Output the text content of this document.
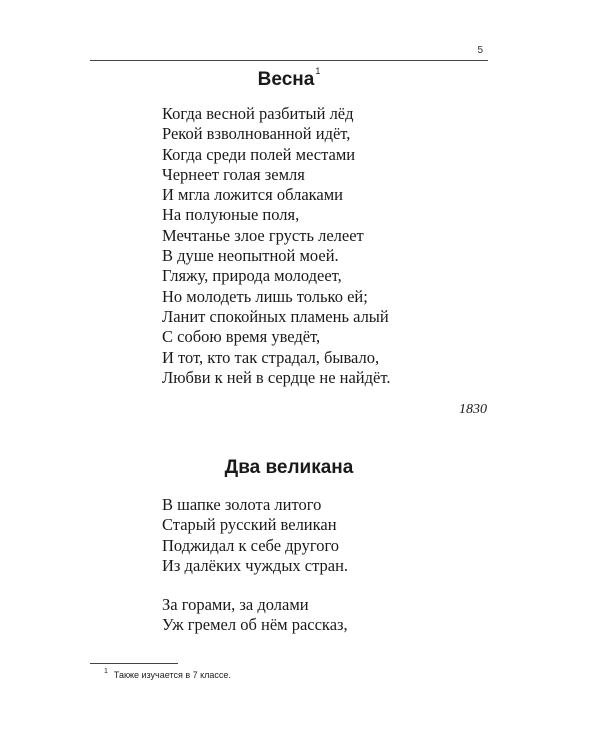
5
Весна$^1$
Когда весной разбитый лёд
Рекой взволнованной идёт,
Когда среди полей местами
Чернеет голая земля
И мгла ложится облаками
На полуюные поля,
Мечтанье злое грусть лелеет
В душе неопытной моей.
Гляжу, природа молодеет,
Но молодеть лишь только ей;
Ланит спокойных пламень алый
С собою время уведёт,
И тот, кто так страдал, бывало,
Любви к ней в сердце не найдёт.
1830
Два великана
В шапке золота литого
Старый русский великан
Поджидал к себе другого
Из далёких чуждых стран.
За горами, за долами
Уж гремел об нём рассказ,
$^1$ Также изучается в 7 классе.
